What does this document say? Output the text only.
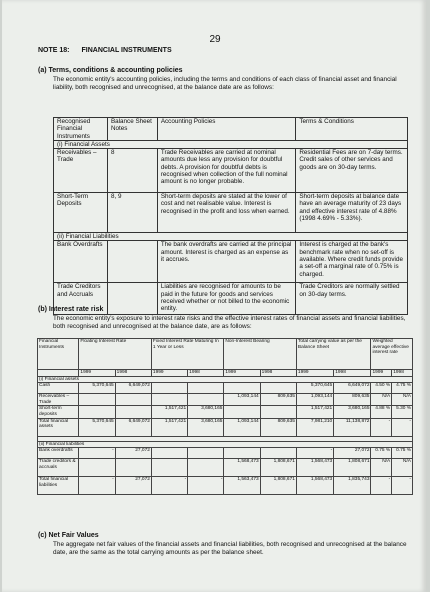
29
NOTE 18: FINANCIAL INSTRUMENTS
(a) Terms, conditions & accounting policies
The economic entity's accounting policies, including the terms and conditions of each class of financial asset and financial liability, both recognised and unrecognised, at the balance date are as follows:
Recognised Financial Instruments	Balance Sheet Notes	Accounting Policies	Terms & Conditions
(i) Financial Assets			
Receivables – Trade	8	Trade Receivables are carried at nominal amounts due less any provision for doubtful debts. A provision for doubtful debts is recognised when collection of the full nominal amount is no longer probable.	Residential Fees are on 7-day terms. Credit sales of other services and goods are on 30-day terms.
Short-Term Deposits	8, 9	Short-term deposits are stated at the lower of cost and net realisable value. Interest is recognised in the profit and loss when earned.	Short-term deposits at balance date have an average maturity of 23 days and effective interest rate of 4.88% (1998 4.69% - 5.33%).
(ii) Financial Liabilities			
Bank Overdrafts		The bank overdrafts are carried at the principal amount. Interest is charged as an expense as it accrues.	Interest is charged at the bank's benchmark rate when no set-off is available. Where credit funds provide a set-off a marginal rate of 0.75% is charged.
Trade Creditors and Accruals		Liabilities are recognised for amounts to be paid in the future for goods and services received whether or not billed to the economic entity.	Trade Creditors are normally settled on 30-day terms.
(b) Interest rate risk
The economic entity's exposure to interest rate risks and the effective interest rates of financial assets and financial liabilities, both recognised and unrecognised at the balance date, are as follows:
Financial Instruments	Floating Interest Rate		Fixed Interest Rate Maturing In 1 Year or Less		Non-Interest Bearing		Total carrying value as per the Balance Sheet		Weighted average effective interest rate	
	1999	1998	1999	1998	1999	1998	1999	1998	1999	1998
(i) Financial assets										
Cash	5,370,645	6,649,072					5,370,645	6,649,072	4.50 %	4.75 %
Receivables – Trade					1,093,144	809,635	1,093,144	809,635	N/A	N/A
Short-term deposits			1,517,421	3,680,165			1,517,421	3,680,165	4.88 %	5.30 %
Total financial assets	5,370,645	6,649,072	1,517,421	3,680,165	1,093,144	809,635	7,981,210	11,138,872	-	-

(ii) Financial liabilities										
Bank overdrafts	-	27,072					-	27,072	0.75 %	0.75 %
Trade creditors & accruals					1,568,473	1,808,671	1,568,473	1,808,671	N/A	N/A
Total financial liabilities	-	27,072	-	-	1,563,473	1,808,671	1,568,473	1,835,743	-	-
(c) Net Fair Values
The aggregate net fair values of the financial assets and financial liabilities, both recognised and unrecognised at the balance date, are the same as the total carrying amounts as per the balance sheet.
